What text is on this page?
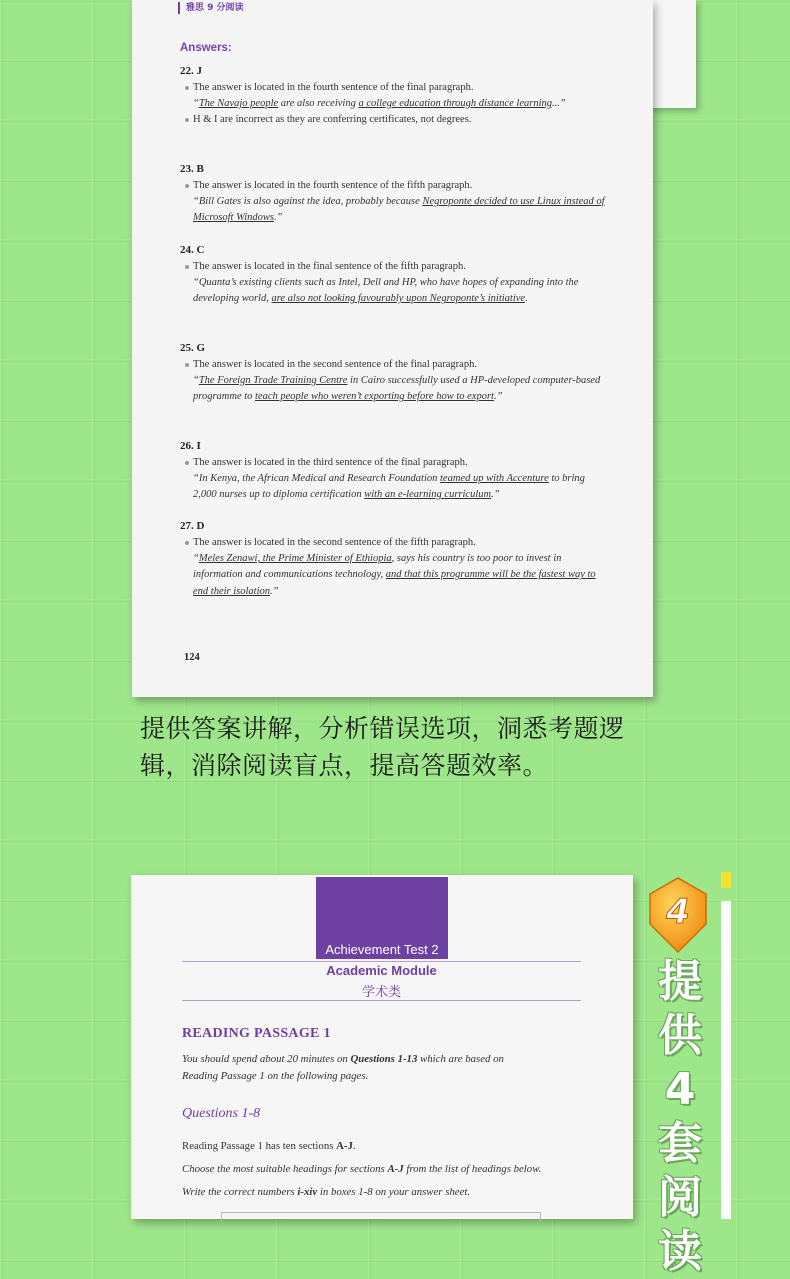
雅思 9 分阅读
Answers:
22. J
The answer is located in the fourth sentence of the final paragraph.
“The Navajo people are also receiving a college education through distance learning...”
H & I are incorrect as they are conferring certificates, not degrees.
23. B
The answer is located in the fourth sentence of the fifth paragraph.
“Bill Gates is also against the idea, probably because Negroponte decided to use Linux instead of Microsoft Windows.”
24. C
The answer is located in the final sentence of the fifth paragraph.
“Quanta’s existing clients such as Intel, Dell and HP, who have hopes of expanding into the developing world, are also not looking favourably upon Negroponte’s initiative.
25. G
The answer is located in the second sentence of the final paragraph.
“The Foreign Trade Training Centre in Cairo successfully used a HP-developed computer-based programme to teach people who weren’t exporting before how to export.”
26. I
The answer is located in the third sentence of the final paragraph.
“In Kenya, the African Medical and Research Foundation teamed up with Accenture to bring 2,000 nurses up to diploma certification with an e-learning curriculum.”
27. D
The answer is located in the second sentence of the fifth paragraph.
“Meles Zenawi, the Prime Minister of Ethiopia, says his country is too poor to invest in information and communications technology, and that this programme will be the fastest way to end their isolation.”
124
提供答案讲解，分析错误选项，洞悉考题逻
辑，消除阅读盲点，提高答题效率。
Achievement Test 2
Academic Module
学术类
READING PASSAGE 1
You should spend about 20 minutes on Questions 1-13 which are based on
Reading Passage 1 on the following pages.
Questions 1-8
Reading Passage 1 has ten sections A-J.
Choose the most suitable headings for sections A-J from the list of headings below.
Write the correct numbers i-xiv in boxes 1-8 on your answer sheet.
4
提
供
4
套
阅
读
